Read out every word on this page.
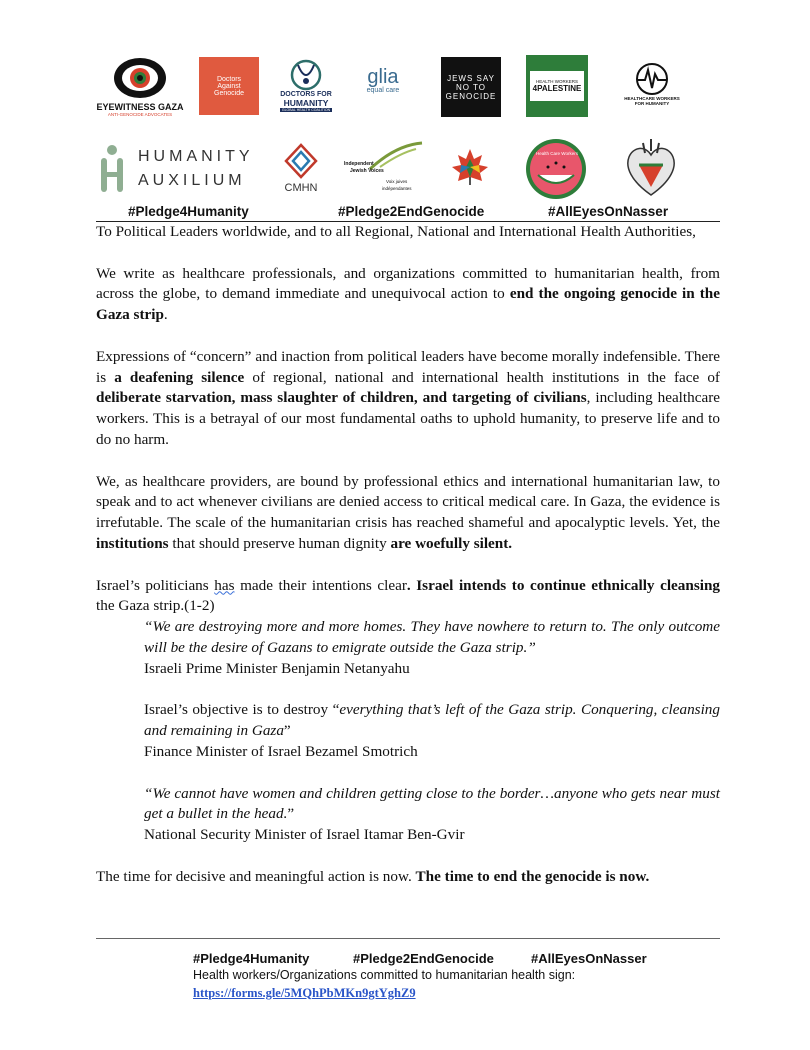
EYEWITNESS GAZA
ANTI-GENOCIDE ADVOCATES
Doctors
Against
Genocide	DOCTORS FOR
HUMANITY
GLOBAL HEALTH COALITION
glia
equal care
JEWS SAY
NO TO
GENOCIDE
HEALTH WORKERS
4PALESTINE
HEALTHCARE WORKERS
FOR HUMANITY
HUMANITY
AUXILIUM	CMHN
Independent
Jewish Voices
Voix juives
indépendantes
Health Care Workers
#Pledge4Humanity	#Pledge2EndGenocide	#AllEyesOnNasser

To Political Leaders worldwide, and to all Regional, National and International Health Authorities,

We write as healthcare professionals, and organizations committed to humanitarian health, from across the globe, to demand immediate and unequivocal action to end the ongoing genocide in the Gaza strip.

Expressions of “concern” and inaction from political leaders have become morally indefensible. There is a deafening silence of regional, national and international health institutions in the face of deliberate starvation, mass slaughter of children, and targeting of civilians, including healthcare workers. This is a betrayal of our most fundamental oaths to uphold humanity, to preserve life and to do no harm.

We, as healthcare providers, are bound by professional ethics and international humanitarian law, to speak and to act whenever civilians are denied access to critical medical care. In Gaza, the evidence is irrefutable. The scale of the humanitarian crisis has reached shameful and apocalyptic levels. Yet, the institutions that should preserve human dignity are woefully silent.

Israel’s politicians has made their intentions clear. Israel intends to continue ethnically cleansing the Gaza strip.(1-2)

“We are destroying more and more homes. They have nowhere to return to. The only outcome will be the desire of Gazans to emigrate outside the Gaza strip.”
Israeli Prime Minister Benjamin Netanyahu
Israel’s objective is to destroy “everything that’s left of the Gaza strip. Conquering, cleansing and remaining in Gaza”
Finance Minister of Israel Bezamel Smotrich
“We cannot have women and children getting close to the border…anyone who gets near must get a bullet in the head.”
National Security Minister of Israel Itamar Ben-Gvir

The time for decisive and meaningful action is now. The time to end the genocide is now.

#Pledge4Humanity	#Pledge2EndGenocide	#AllEyesOnNasser
Health workers/Organizations committed to humanitarian health sign:
https://forms.gle/5MQhPbMKn9gtYghZ9
